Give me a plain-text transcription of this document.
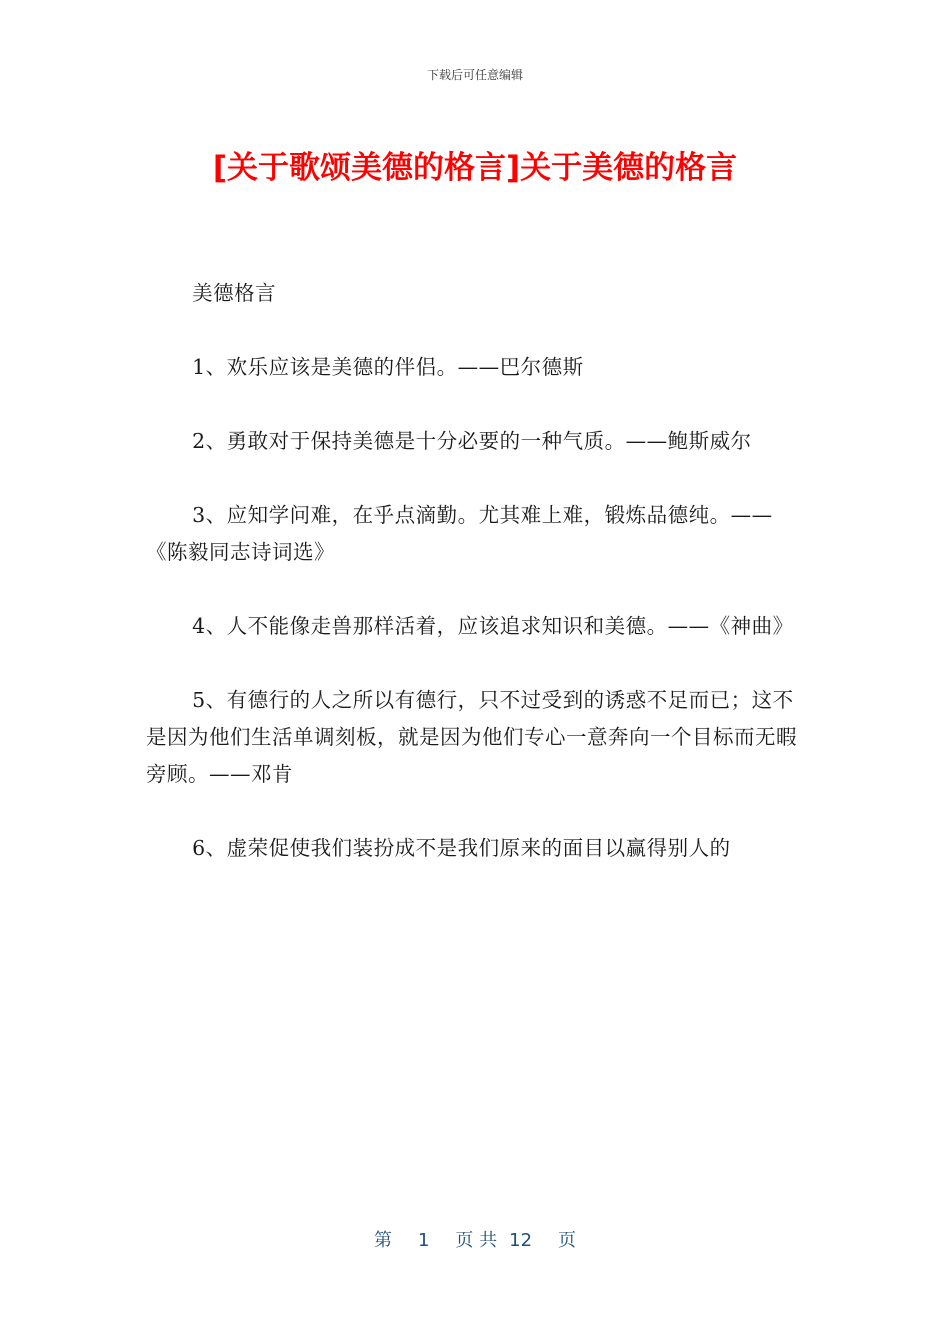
下载后可任意编辑
[关于歌颂美德的格言]关于美德的格言

美德格言

1、欢乐应该是美德的伴侣。——巴尔德斯

2、勇敢对于保持美德是十分必要的一种气质。——鲍斯威尔

3、应知学问难，在乎点滴勤。尤其难上难，锻炼品德纯。——《陈毅同志诗词选》

4、人不能像走兽那样活着，应该追求知识和美德。——《神曲》

5、有德行的人之所以有德行，只不过受到的诱惑不足而已；这不是因为他们生活单调刻板，就是因为他们专心一意奔向一个目标而无暇旁顾。——邓肯

6、虚荣促使我们装扮成不是我们原来的面目以赢得别人的

第 1 页 共 12 页
